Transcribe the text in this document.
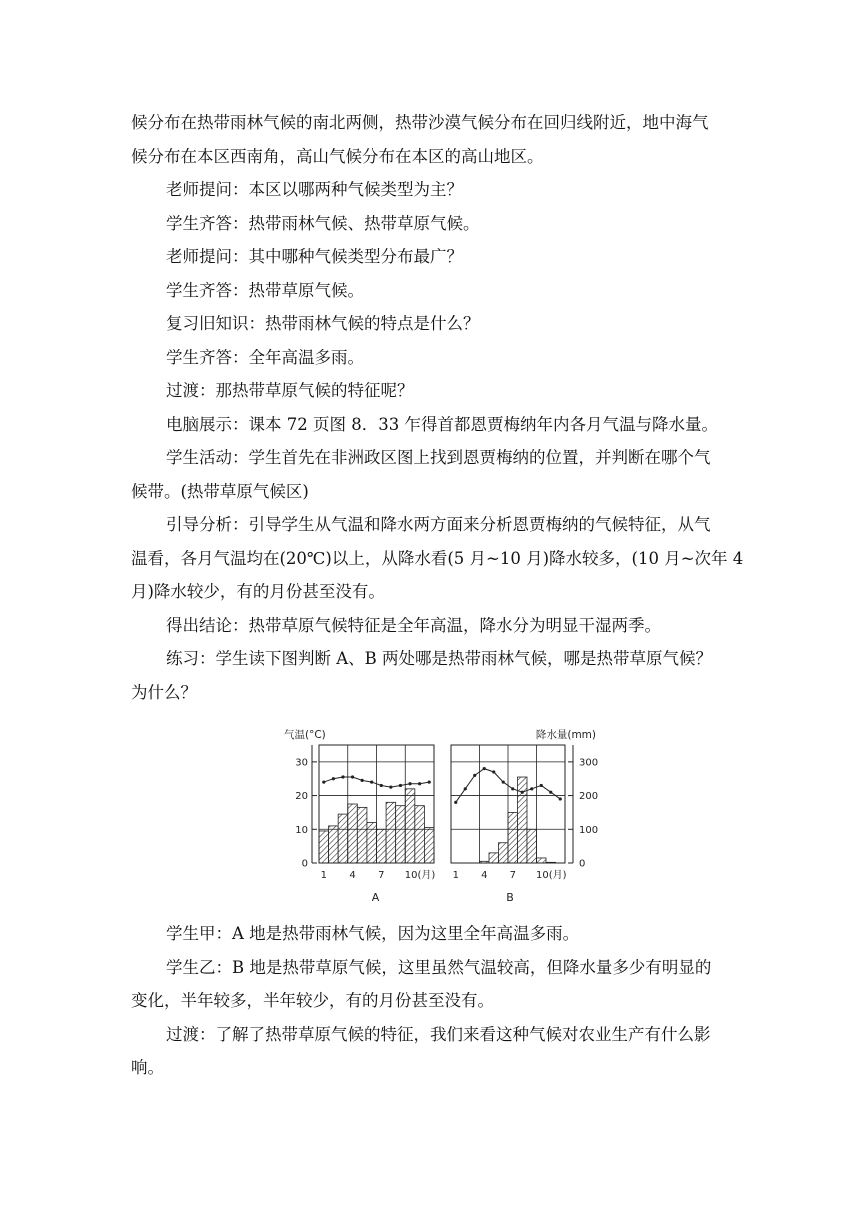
候分布在热带雨林气候的南北两侧，热带沙漠气候分布在回归线附近，地中海气
候分布在本区西南角，高山气候分布在本区的高山地区。
老师提问：本区以哪两种气候类型为主？
学生齐答：热带雨林气候、热带草原气候。
老师提问：其中哪种气候类型分布最广？
学生齐答：热带草原气候。
复习旧知识：热带雨林气候的特点是什么？
学生齐答：全年高温多雨。
过渡：那热带草原气候的特征呢？
电脑展示：课本 72 页图 8．33 乍得首都恩贾梅纳年内各月气温与降水量。
学生活动：学生首先在非洲政区图上找到恩贾梅纳的位置，并判断在哪个气
候带。(热带草原气候区)
引导分析：引导学生从气温和降水两方面来分析恩贾梅纳的气候特征，从气
温看，各月气温均在(20℃)以上，从降水看(5 月~10 月)降水较多，(10 月~次年 4
月)降水较少，有的月份甚至没有。
得出结论：热带草原气候特征是全年高温，降水分为明显干湿两季。
练习：学生读下图判断 A、B 两处哪是热带雨林气候，哪是热带草原气候？
为什么？
学生甲：A 地是热带雨林气候，因为这里全年高温多雨。
学生乙：B 地是热带草原气候，这里虽然气温较高，但降水量多少有明显的
变化，半年较多，半年较少，有的月份甚至没有。
过渡：了解了热带草原气候的特征，我们来看这种气候对农业生产有什么影
响。
0
10
20
30
气温(°C)
1 4 7 10(月)
A
0
100
200
300
降水量(mm)
1 4 7 10(月)
B
